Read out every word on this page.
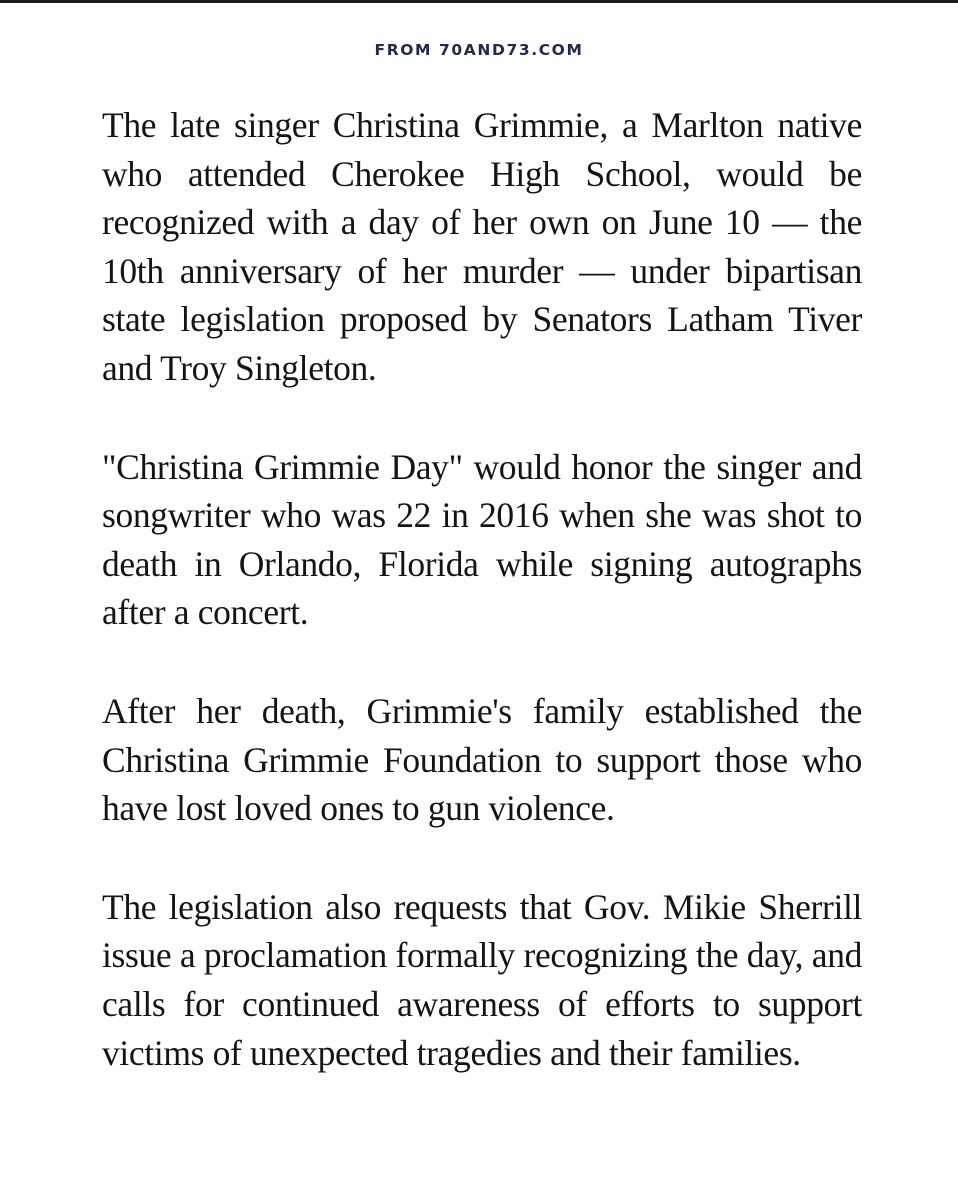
FROM 70AND73.COM

The late singer Christina Grimmie, a Marlton native who attended Cherokee High School, would be recognized with a day of her own on June 10 — the 10th anniversary of her murder — under bipartisan state legislation proposed by Senators Latham Tiver and Troy Singleton.

"Christina Grimmie Day" would honor the singer and songwriter who was 22 in 2016 when she was shot to death in Orlando, Florida while signing autographs after a concert.

After her death, Grimmie's family established the Christina Grimmie Foundation to support those who have lost loved ones to gun violence.

The legislation also requests that Gov. Mikie Sherrill issue a proclamation formally recognizing the day, and calls for continued awareness of efforts to support victims of unexpected tragedies and their families.
